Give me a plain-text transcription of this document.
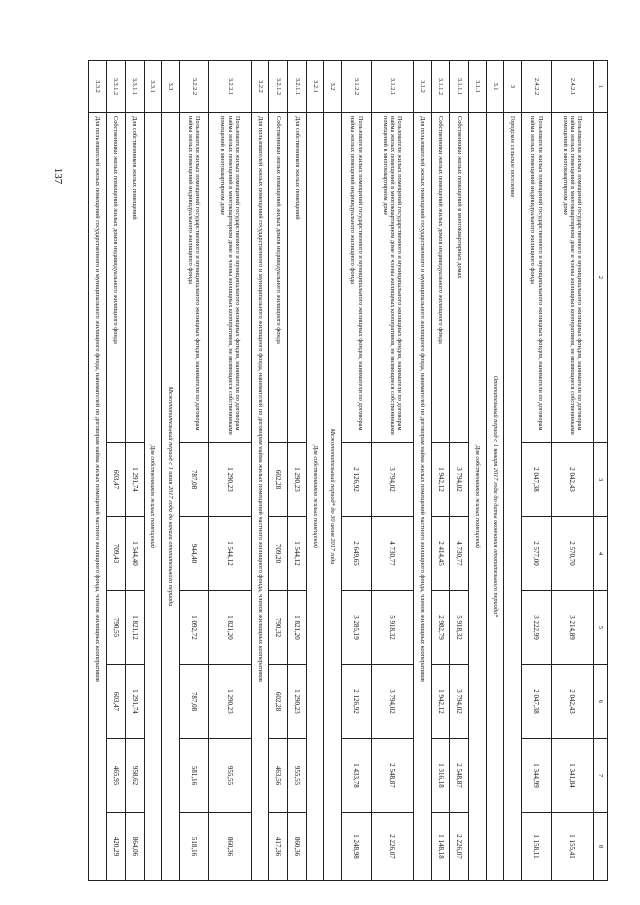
137
1	2	3	4	5	6	7	8
2.4.2.1	Пользователи жилых помещений государственного и муниципального жилищных фондов, наниматели по договорам найма жилых помещений в многоквартирном доме и члены жилищных кооперативов, не являющиеся собственниками помещений в многоквартирном доме	2 042,43	2 570,70	3 214,89	2 042,43	1 341,84	1 155,41
2.4.2.2	Пользователи жилых помещений государственного и муниципального жилищных фондов, наниматели по договорам найма жилых помещений индивидуального жилищного фонда	2 047,38	2 577,00	3 222,99	2 047,38	1 344,99	1 158,11
3	Городское сельское поселение						
3.1	Отопительный период с 1 января 2017 года до даты окончания отопительного периода*						
3.1.1	Для собственников жилых помещений						
3.1.1.1	Собственники жилых помещений в многоквартирных домах	3 794,02	4 730,77	5 918,32	3 794,02	2 548,87	2 226,07
3.1.1.2	Собственники жилых помещений жилых домов индивидуального жилищного фонда	1 942,12	2 414,45	2 982,79	1 942,12	1 316,18	1 148,18
3.1.2	Для пользователей жилых помещений государственного и муниципального жилищного фонда, нанимателей по договорам найма жилых помещений частного жилищного фонда, членов жилищных кооперативов						
3.1.2.1	Пользователи жилых помещений государственного и муниципального жилищных фондов, наниматели по договорам найма жилых помещений в многоквартирном доме и члены жилищных кооперативов, не являющиеся собственниками помещений в многоквартирном доме	3 794,02	4 730,77	5 918,32	3 794,02	2 548,87	2 226,07
3.1.2.2	Пользователи жилых помещений государственного и муниципального жилищных фондов, наниматели по договорам найма жилых помещений индивидуального жилищного фонда	2 126,92	2 649,65	3 285,19	2 126,92	1 433,78	1 248,98
3.2	Межотопительный период* до 30 июня 2017 года						
3.2.1	Для собственников жилых помещений						
3.2.1.1	Для собственников жилых помещений	1 290,23	1 544,12	1 821,20	1 290,23	955,55	860,36
3.2.1.2	Собственники жилых помещений жилых домов индивидуального жилищного фонда	602,28	709,20	790,32	602,28	463,56	417,36
3.2.2	Для пользователей жилых помещений государственного и муниципального жилищного фонда, нанимателей по договорам найма жилых помещений частного жилищного фонда, членов жилищных кооперативов						
3.2.2.1	Пользователи жилых помещений государственного и муниципального жилищных фондов, наниматели по договорам найма жилых помещений в многоквартирном доме и члены жилищных кооперативов, не являющиеся собственниками помещений в многоквартирном доме	1 290,23	1 544,12	1 821,20	1 290,23	955,55	860,36
3.2.2.2	Пользователи жилых помещений государственного и муниципального жилищных фондов, наниматели по договорам найма жилых помещений индивидуального жилищного фонда	787,08	944,40	1 092,72	787,08	581,16	518,16
3.3	Межотопительный период с 1 июля 2017 года до начала отопительного периода						
3.3.1	Для собственников жилых помещений						
3.3.1.1	Для собственников жилых помещений	1 291,74	1 544,40	1 821,12	1 291,74	958,62	864,06
3.3.1.2	Собственники жилых помещений жилых домов индивидуального жилищного фонда	603,47	709,43	790,55	603,47	465,95	420,29
3.3.2	Для пользователей жилых помещений государственного и муниципального жилищного фонда, нанимателей по договорам найма жилых помещений частного жилищного фонда, членов жилищных кооперативов						
